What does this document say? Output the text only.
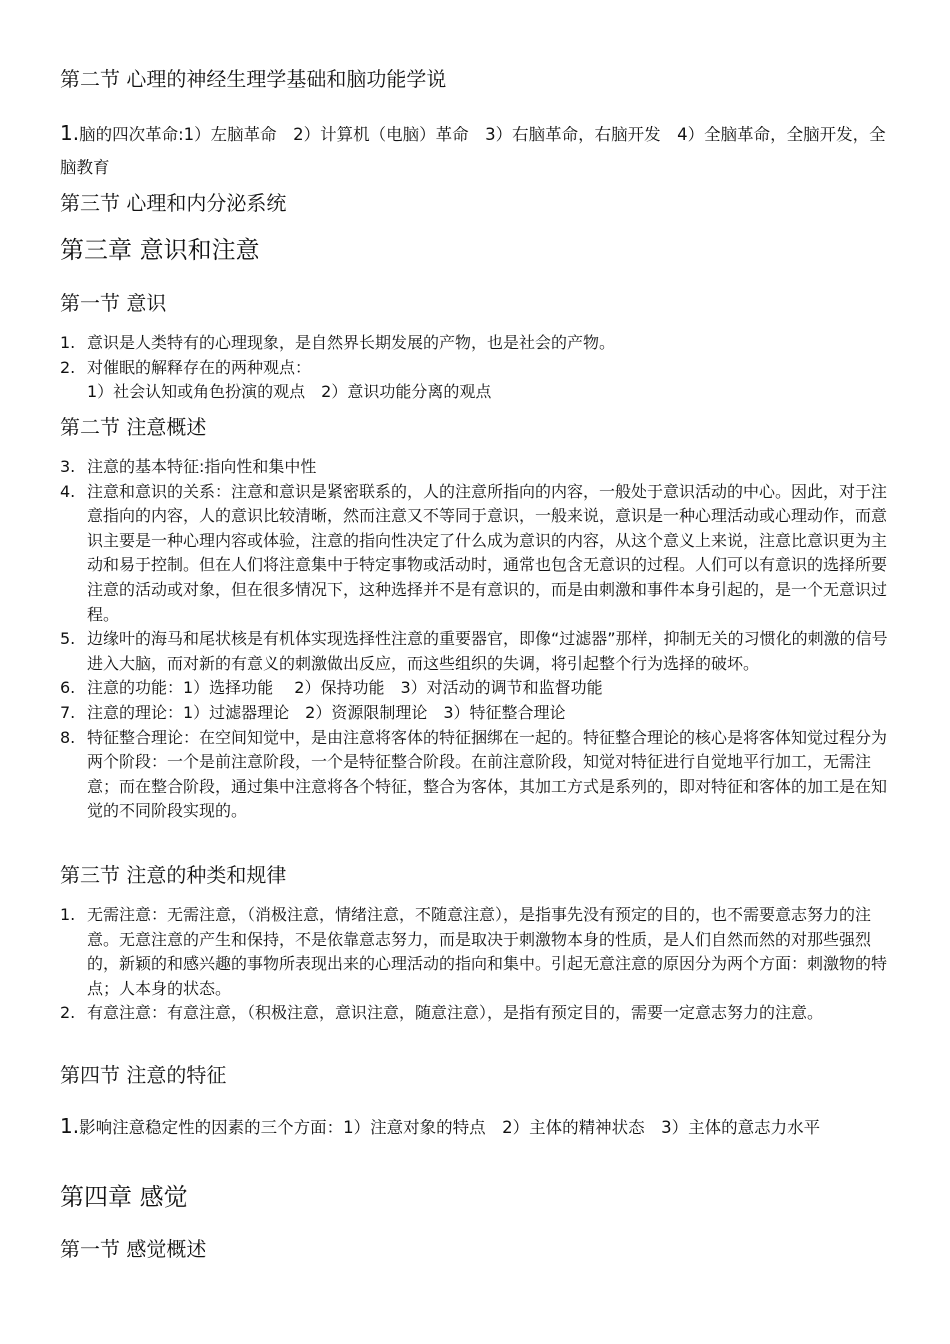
第二节 心理的神经生理学基础和脑功能学说
1.脑的四次革命:1）左脑革命　2）计算机（电脑）革命　3）右脑革命，右脑开发　4）全脑革命，全脑开发，全脑教育
第三节 心理和内分泌系统
第三章 意识和注意
第一节 意识
1. 意识是人类特有的心理现象，是自然界长期发展的产物，也是社会的产物。
2. 对催眠的解释存在的两种观点：
1）社会认知或角色扮演的观点　2）意识功能分离的观点
第二节 注意概述
3. 注意的基本特征:指向性和集中性
4. 注意和意识的关系：注意和意识是紧密联系的，人的注意所指向的内容，一般处于意识活动的中心。因此，对于注意指向的内容，人的意识比较清晰，然而注意又不等同于意识，一般来说，意识是一种心理活动或心理动作，而意识主要是一种心理内容或体验，注意的指向性决定了什么成为意识的内容，从这个意义上来说，注意比意识更为主动和易于控制。但在人们将注意集中于特定事物或活动时，通常也包含无意识的过程。人们可以有意识的选择所要注意的活动或对象，但在很多情况下，这种选择并不是有意识的，而是由刺激和事件本身引起的，是一个无意识过程。
5. 边缘叶的海马和尾状核是有机体实现选择性注意的重要器官，即像“过滤器”那样，抑制无关的习惯化的刺激的信号进入大脑，而对新的有意义的刺激做出反应，而这些组织的失调，将引起整个行为选择的破坏。
6. 注意的功能：1）选择功能　 2）保持功能　3）对活动的调节和监督功能
7. 注意的理论：1）过滤器理论　2）资源限制理论　3）特征整合理论
8. 特征整合理论：在空间知觉中，是由注意将客体的特征捆绑在一起的。特征整合理论的核心是将客体知觉过程分为两个阶段：一个是前注意阶段，一个是特征整合阶段。在前注意阶段，知觉对特征进行自觉地平行加工，无需注意；而在整合阶段，通过集中注意将各个特征，整合为客体，其加工方式是系列的，即对特征和客体的加工是在知觉的不同阶段实现的。
第三节 注意的种类和规律
1. 无需注意：无需注意，（消极注意，情绪注意，不随意注意），是指事先没有预定的目的，也不需要意志努力的注意。无意注意的产生和保持，不是依靠意志努力，而是取决于刺激物本身的性质，是人们自然而然的对那些强烈的，新颖的和感兴趣的事物所表现出来的心理活动的指向和集中。引起无意注意的原因分为两个方面：刺激物的特点；人本身的状态。
2. 有意注意：有意注意，（积极注意，意识注意，随意注意），是指有预定目的，需要一定意志努力的注意。
第四节 注意的特征
1.影响注意稳定性的因素的三个方面：1）注意对象的特点　2）主体的精神状态　3）主体的意志力水平
第四章 感觉
第一节 感觉概述
